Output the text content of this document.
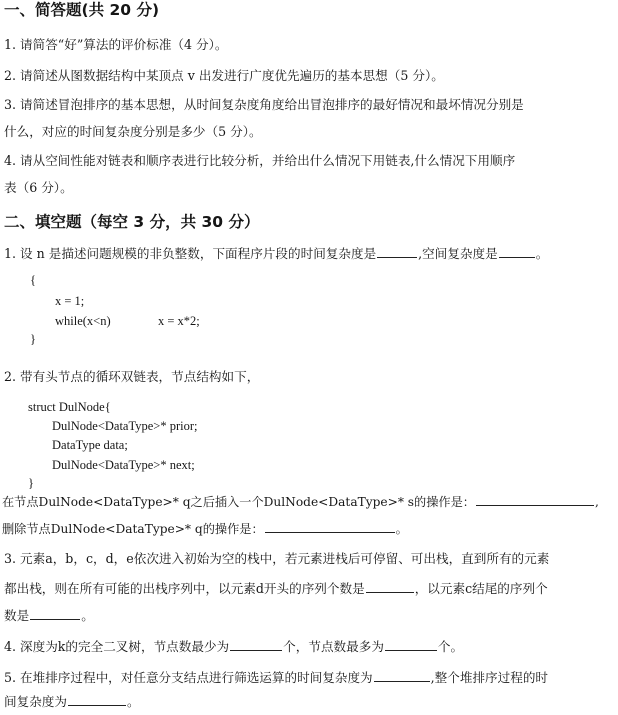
一、简答题(共 20 分)
1. 请简答“好”算法的评价标准（4 分）。
2. 请简述从图数据结构中某顶点 v 出发进行广度优先遍历的基本思想（5 分）。
3. 请简述冒泡排序的基本思想，从时间复杂度角度给出冒泡排序的最好情况和最坏情况分别是
什么，对应的时间复杂度分别是多少（5 分）。
4. 请从空间性能对链表和顺序表进行比较分析，并给出什么情况下用链表,什么情况下用顺序
表（6 分）。
二、填空题（每空 3 分，共 30 分）
1. 设 n 是描述问题规模的非负整数，下面程序片段的时间复杂度是	,空间复杂度是	。
{
x = 1;
while(x<n)	x = x*2;
}
2. 带有头节点的循环双链表，节点结构如下，
struct DulNode{
DulNode<DataType>* prior;
DataType data;
DulNode<DataType>* next;
}
在节点DulNode<DataType>* q之后插入一个DulNode<DataType>* s的操作是：	,
删除节点DulNode<DataType>* q的操作是：	。
3. 元素a，b，c，d，e依次进入初始为空的栈中，若元素进栈后可停留、可出栈，直到所有的元素
都出栈，则在所有可能的出栈序列中，以元素d开头的序列个数是	，以元素c结尾的序列个
数是	。
4. 深度为k的完全二叉树，节点数最少为	个，节点数最多为	个。
5. 在堆排序过程中，对任意分支结点进行筛选运算的时间复杂度为	,整个堆排序过程的时
间复杂度为	。
